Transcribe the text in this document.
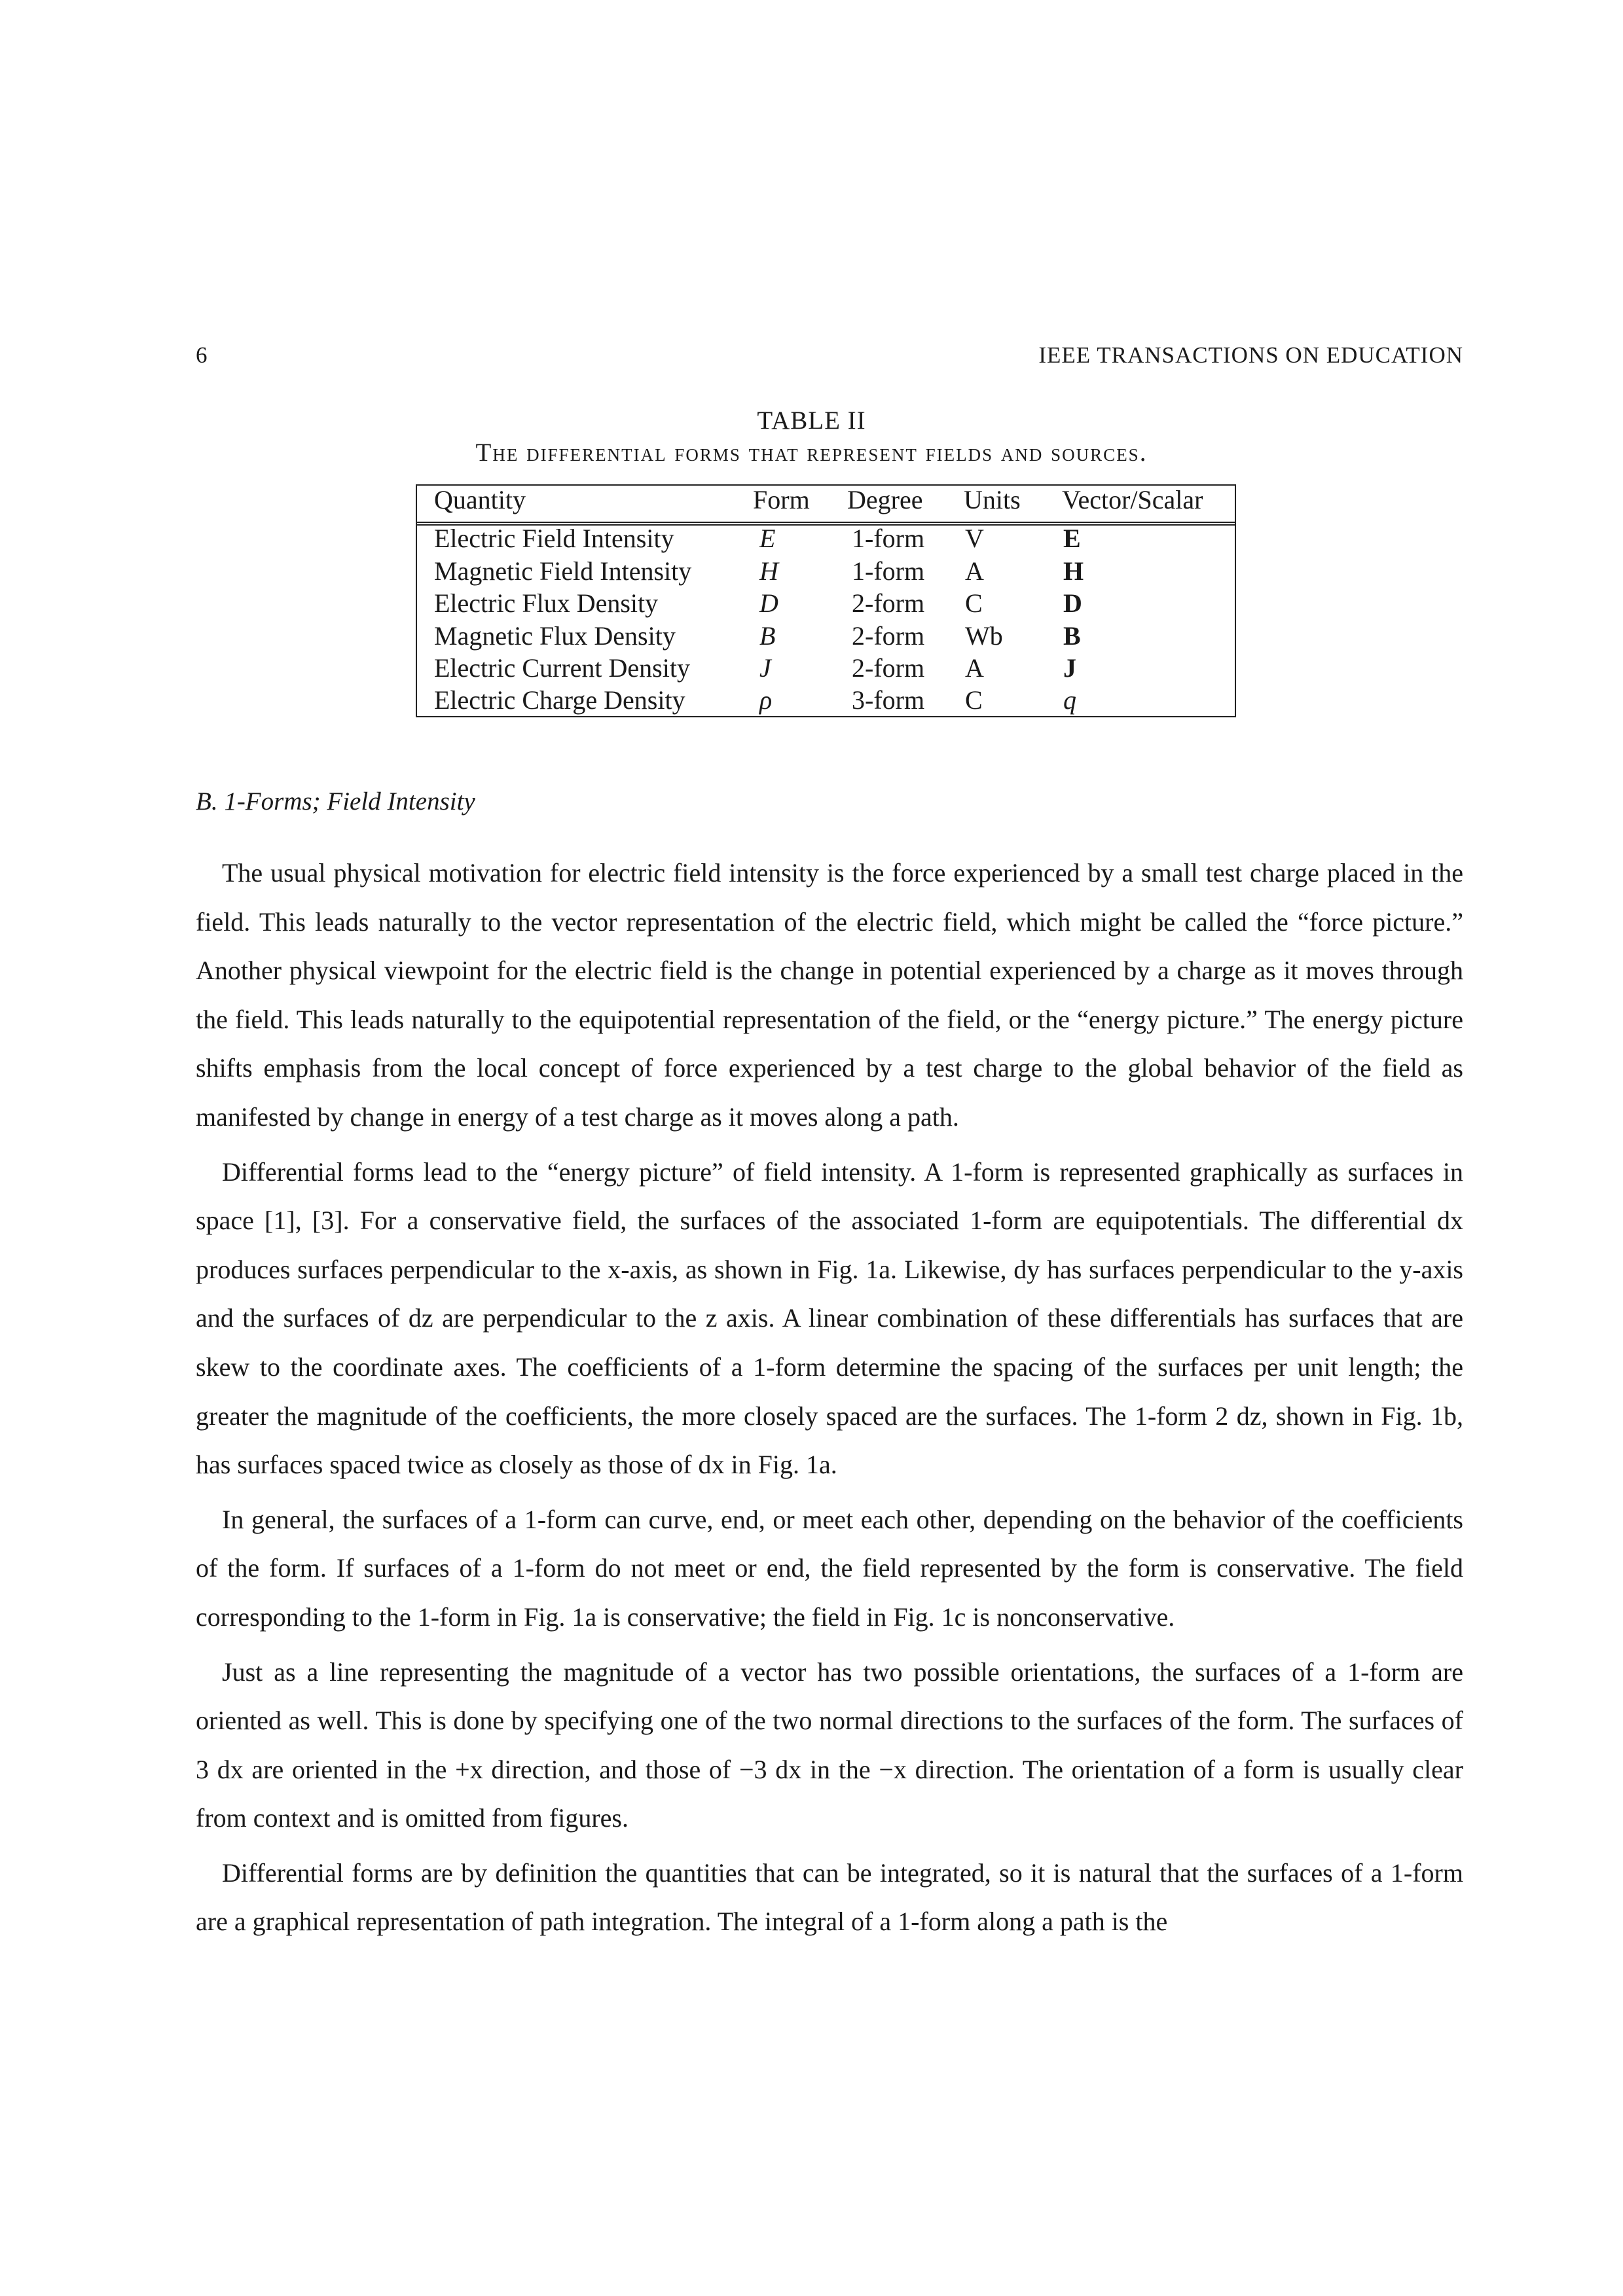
6	IEEE TRANSACTIONS ON EDUCATION
TABLE II
The differential forms that represent fields and sources.
Quantity	Form Degree Units Vector/Scalar
Electric Field Intensity	E	1-form V	E
Magnetic Field Intensity	H	1-form A	H
Electric Flux Density	D	2-form C	D
Magnetic Flux Density	B	2-form Wb B
Electric Current Density	J	2-form A	J
Electric Charge Density	ρ	3-form C	q
B. 1-Forms; Field Intensity

The usual physical motivation for electric field intensity is the force experienced by a small test charge placed in the field. This leads naturally to the vector representation of the electric field, which might be called the “force picture.” Another physical viewpoint for the electric field is the change in potential experienced by a charge as it moves through the field. This leads naturally to the equipotential representation of the field, or the “energy picture.” The energy picture shifts emphasis from the local concept of force experienced by a test charge to the global behavior of the field as manifested by change in energy of a test charge as it moves along a path.

Differential forms lead to the “energy picture” of field intensity. A 1-form is represented graphically as surfaces in space [1], [3]. For a conservative field, the surfaces of the associated 1-form are equipotentials. The differential dx produces surfaces perpendicular to the x-axis, as shown in Fig. 1a. Likewise, dy has surfaces perpendicular to the y-axis and the surfaces of dz are perpendicular to the z axis. A linear combination of these differentials has surfaces that are skew to the coordinate axes. The coefficients of a 1-form determine the spacing of the surfaces per unit length; the greater the magnitude of the coefficients, the more closely spaced are the surfaces. The 1-form 2 dz, shown in Fig. 1b, has surfaces spaced twice as closely as those of dx in Fig. 1a.

In general, the surfaces of a 1-form can curve, end, or meet each other, depending on the behavior of the coefficients of the form. If surfaces of a 1-form do not meet or end, the field represented by the form is conservative. The field corresponding to the 1-form in Fig. 1a is conservative; the field in Fig. 1c is nonconservative.

Just as a line representing the magnitude of a vector has two possible orientations, the surfaces of a 1-form are oriented as well. This is done by specifying one of the two normal directions to the surfaces of the form. The surfaces of 3 dx are oriented in the +x direction, and those of −3 dx in the −x direction. The orientation of a form is usually clear from context and is omitted from figures.

Differential forms are by definition the quantities that can be integrated, so it is natural that the surfaces of a 1-form are a graphical representation of path integration. The integral of a 1-form along a path is the
